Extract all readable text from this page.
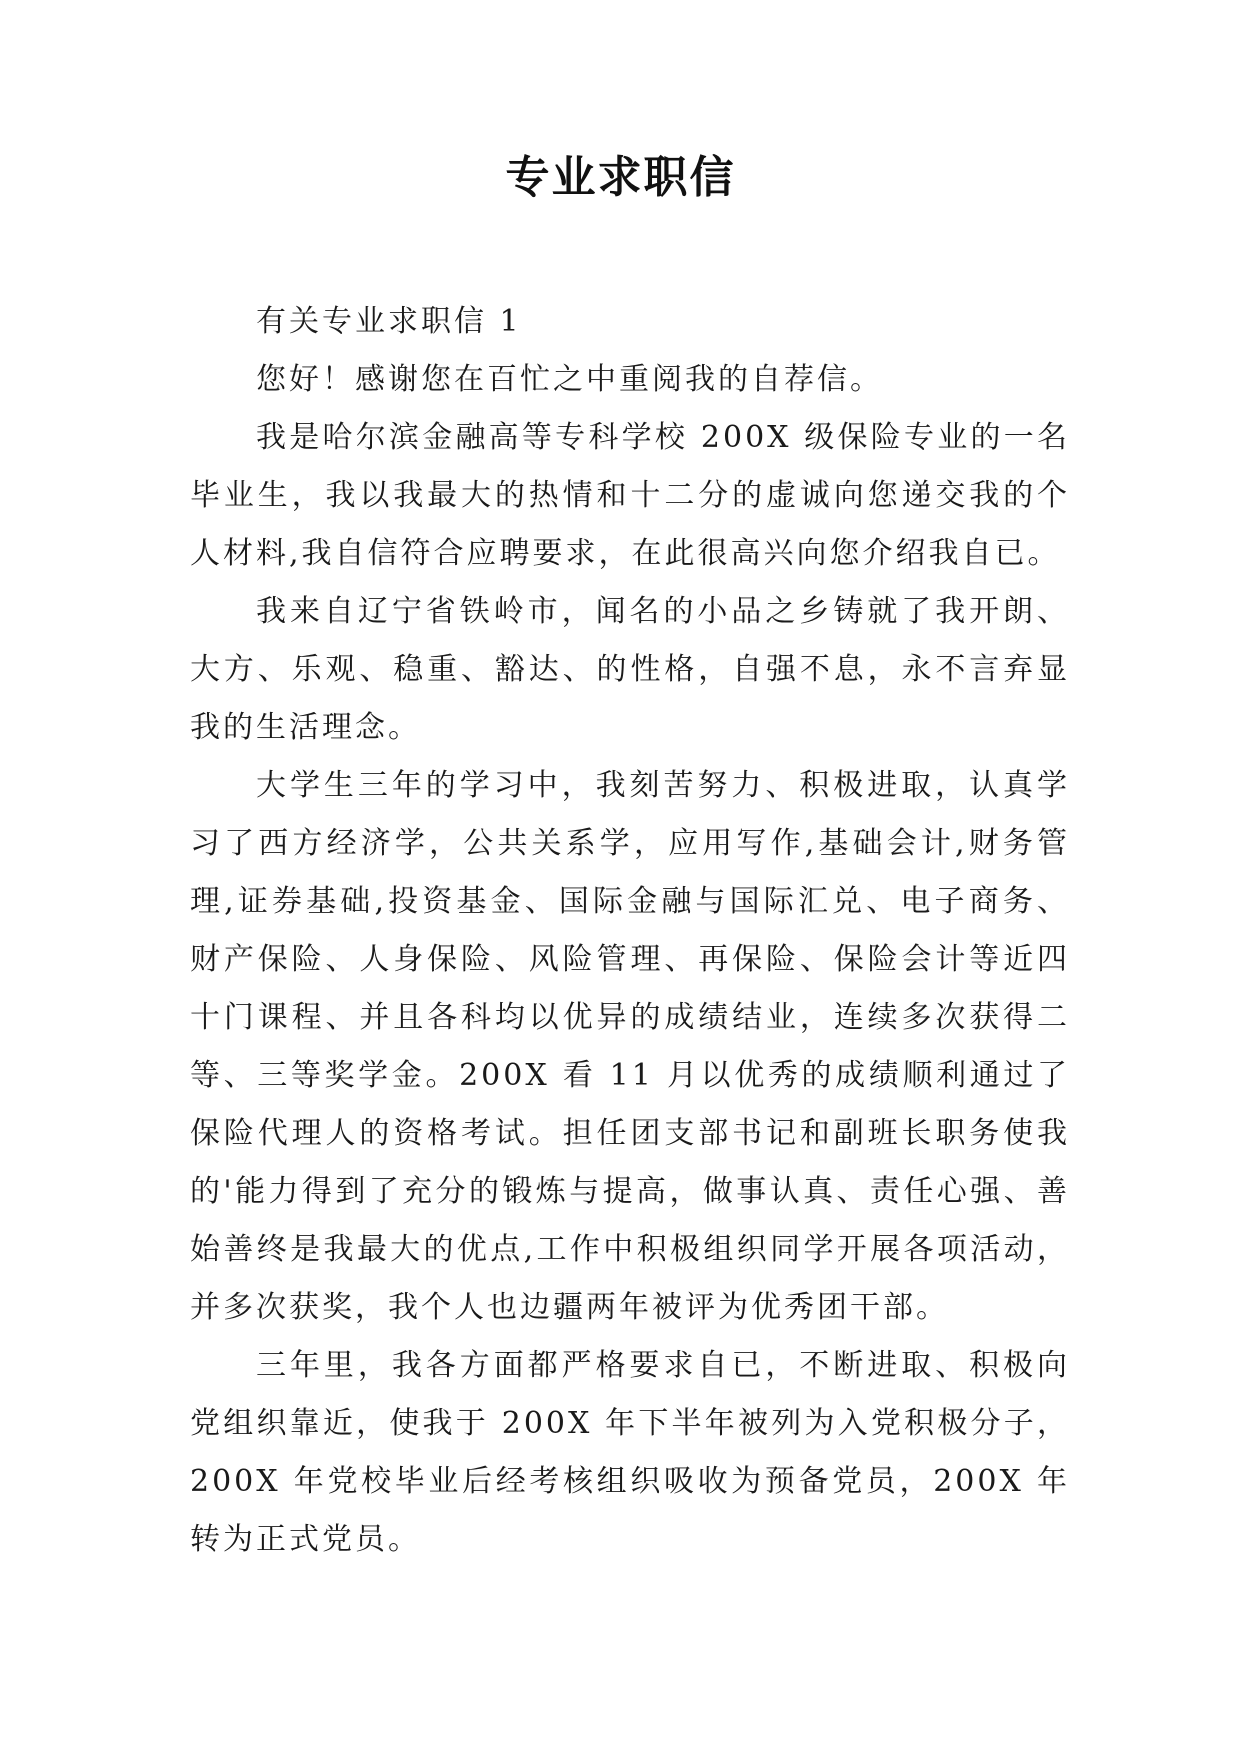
专业求职信

有关专业求职信 1

您好！感谢您在百忙之中重阅我的自荐信。

我是哈尔滨金融高等专科学校 200X 级保险专业的一名毕业生，我以我最大的热情和十二分的虚诚向您递交我的个人材料,我自信符合应聘要求，在此很高兴向您介绍我自已。

我来自辽宁省铁岭市，闻名的小品之乡铸就了我开朗、大方、乐观、稳重、豁达、的性格，自强不息，永不言弃显我的生活理念。

大学生三年的学习中，我刻苦努力、积极进取，认真学习了西方经济学，公共关系学，应用写作,基础会计,财务管理,证券基础,投资基金、国际金融与国际汇兑、电子商务、财产保险、人身保险、风险管理、再保险、保险会计等近四十门课程、并且各科均以优异的成绩结业，连续多次获得二等、三等奖学金。200X 看 11 月以优秀的成绩顺利通过了保险代理人的资格考试。担任团支部书记和副班长职务使我的'能力得到了充分的锻炼与提高，做事认真、责任心强、善始善终是我最大的优点,工作中积极组织同学开展各项活动，并多次获奖，我个人也边疆两年被评为优秀团干部。

三年里，我各方面都严格要求自已，不断进取、积极向党组织靠近，使我于 200X 年下半年被列为入党积极分子，200X 年党校毕业后经考核组织吸收为预备党员，200X 年转为正式党员。
